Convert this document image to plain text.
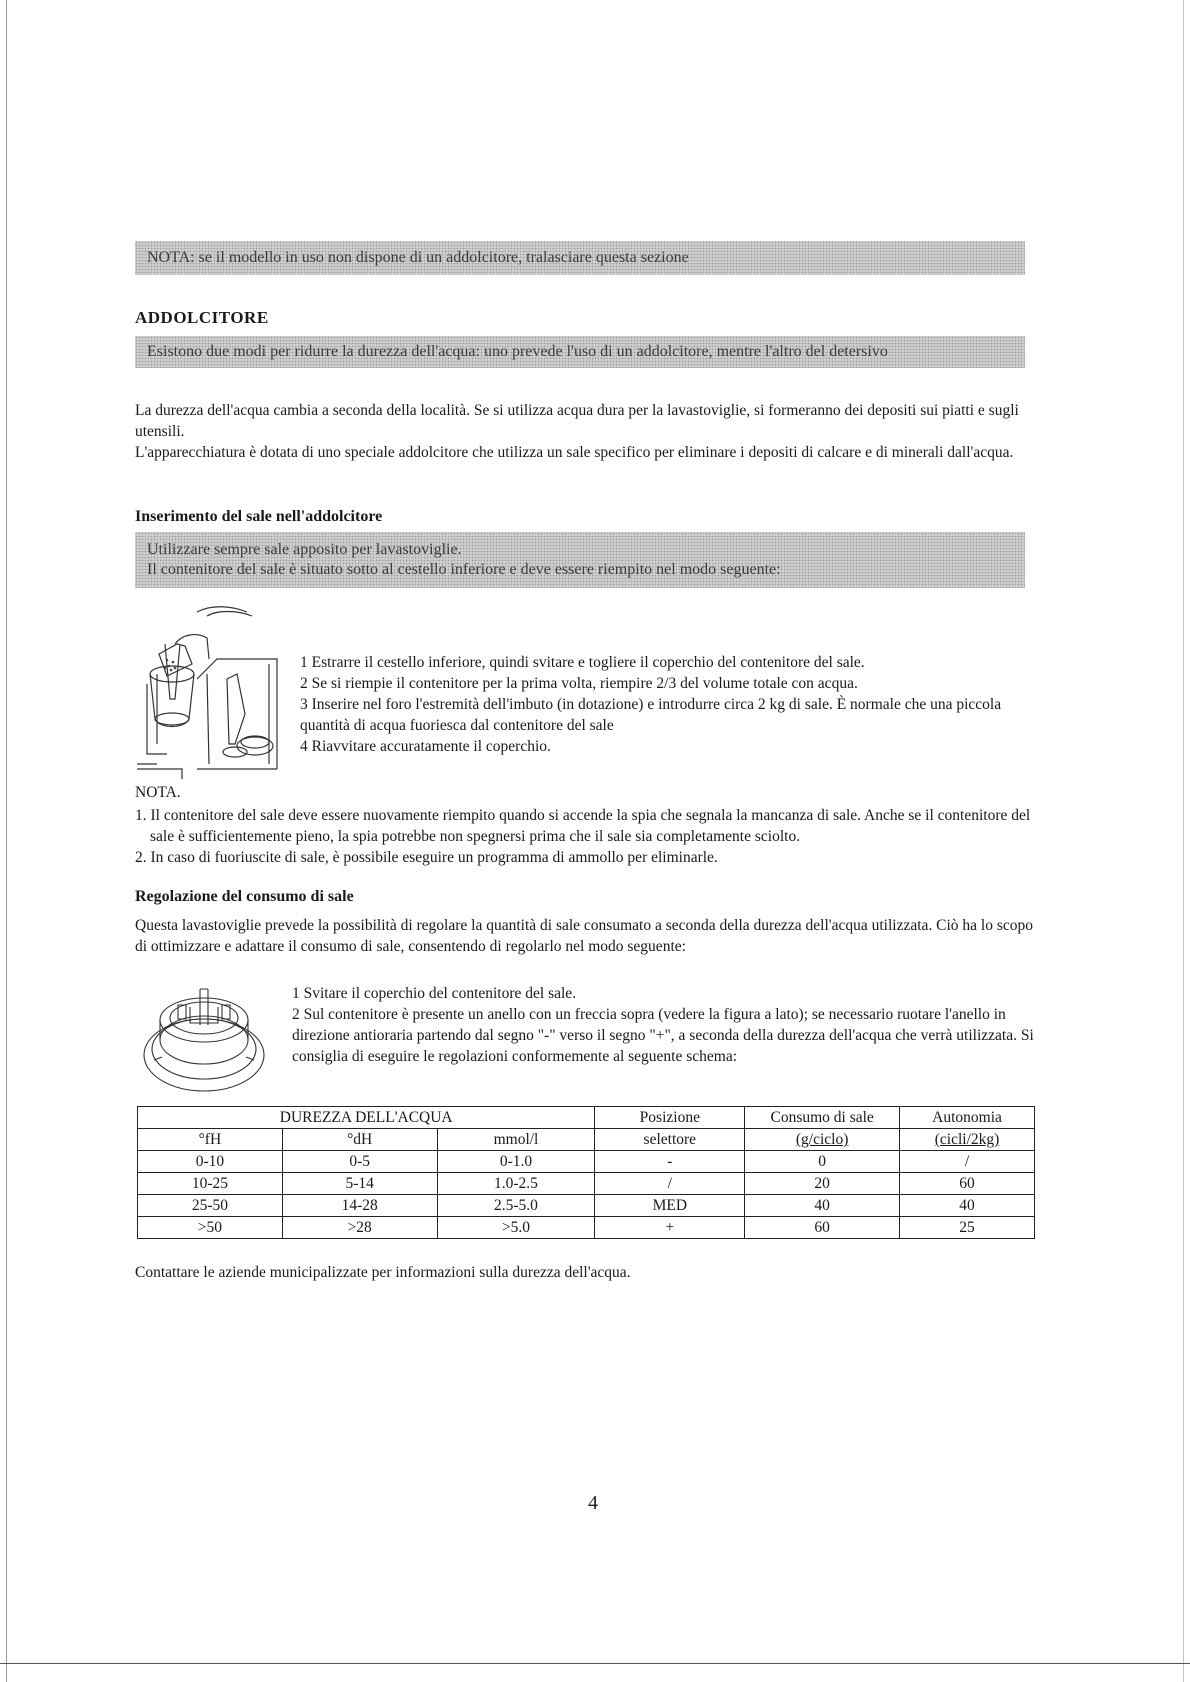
NOTA: se il modello in uso non dispone di un addolcitore, tralasciare questa sezione
ADDOLCITORE
Esistono due modi per ridurre la durezza dell'acqua: uno prevede l'uso di un addolcitore, mentre l'altro del detersivo
La durezza dell'acqua cambia a seconda della località. Se si utilizza acqua dura per la lavastoviglie, si formeranno dei depositi sui piatti e sugli utensili.
L'apparecchiatura è dotata di uno speciale addolcitore che utilizza un sale specifico per eliminare i depositi di calcare e di minerali dall'acqua.
Inserimento del sale nell'addolcitore
Utilizzare sempre sale apposito per lavastoviglie.
Il contenitore del sale è situato sotto al cestello inferiore e deve essere riempito nel modo seguente:
1 Estrarre il cestello inferiore, quindi svitare e togliere il coperchio del contenitore del sale.
2 Se si riempie il contenitore per la prima volta, riempire 2/3 del volume totale con acqua.
3 Inserire nel foro l'estremità dell'imbuto (in dotazione) e introdurre circa 2 kg di sale. È normale che una piccola quantità di acqua fuoriesca dal contenitore del sale
4 Riavvitare accuratamente il coperchio.

NOTA.

1. Il contenitore del sale deve essere nuovamente riempito quando si accende la spia che segnala la mancanza di sale. Anche se il contenitore del sale è sufficientemente pieno, la spia potrebbe non spegnersi prima che il sale sia completamente sciolto.
2. In caso di fuoriuscite di sale, è possibile eseguire un programma di ammollo per eliminarle.
Regolazione del consumo di sale

Questa lavastoviglie prevede la possibilità di regolare la quantità di sale consumato a seconda della durezza dell'acqua utilizzata. Ciò ha lo scopo di ottimizzare e adattare il consumo di sale, consentendo di regolarlo nel modo seguente:

1 Svitare il coperchio del contenitore del sale.
2 Sul contenitore è presente un anello con un freccia sopra (vedere la figura a lato); se necessario ruotare l'anello in direzione antioraria partendo dal segno "-" verso il segno "+", a seconda della durezza dell'acqua che verrà utilizzata. Si consiglia di eseguire le regolazioni conformemente al seguente schema:
DUREZZA DELL'ACQUA			Posizione	Consumo di sale	Autonomia
°fH	°dH	mmol/l	selettore	(g/ciclo)	(cicli/2kg)
0-10	0-5	0-1.0	-	0	/
10-25	5-14	1.0-2.5	/	20	60
25-50	14-28	2.5-5.0	MED	40	40
>50	>28	>5.0	+	60	25

Contattare le aziende municipalizzate per informazioni sulla durezza dell'acqua.

4
